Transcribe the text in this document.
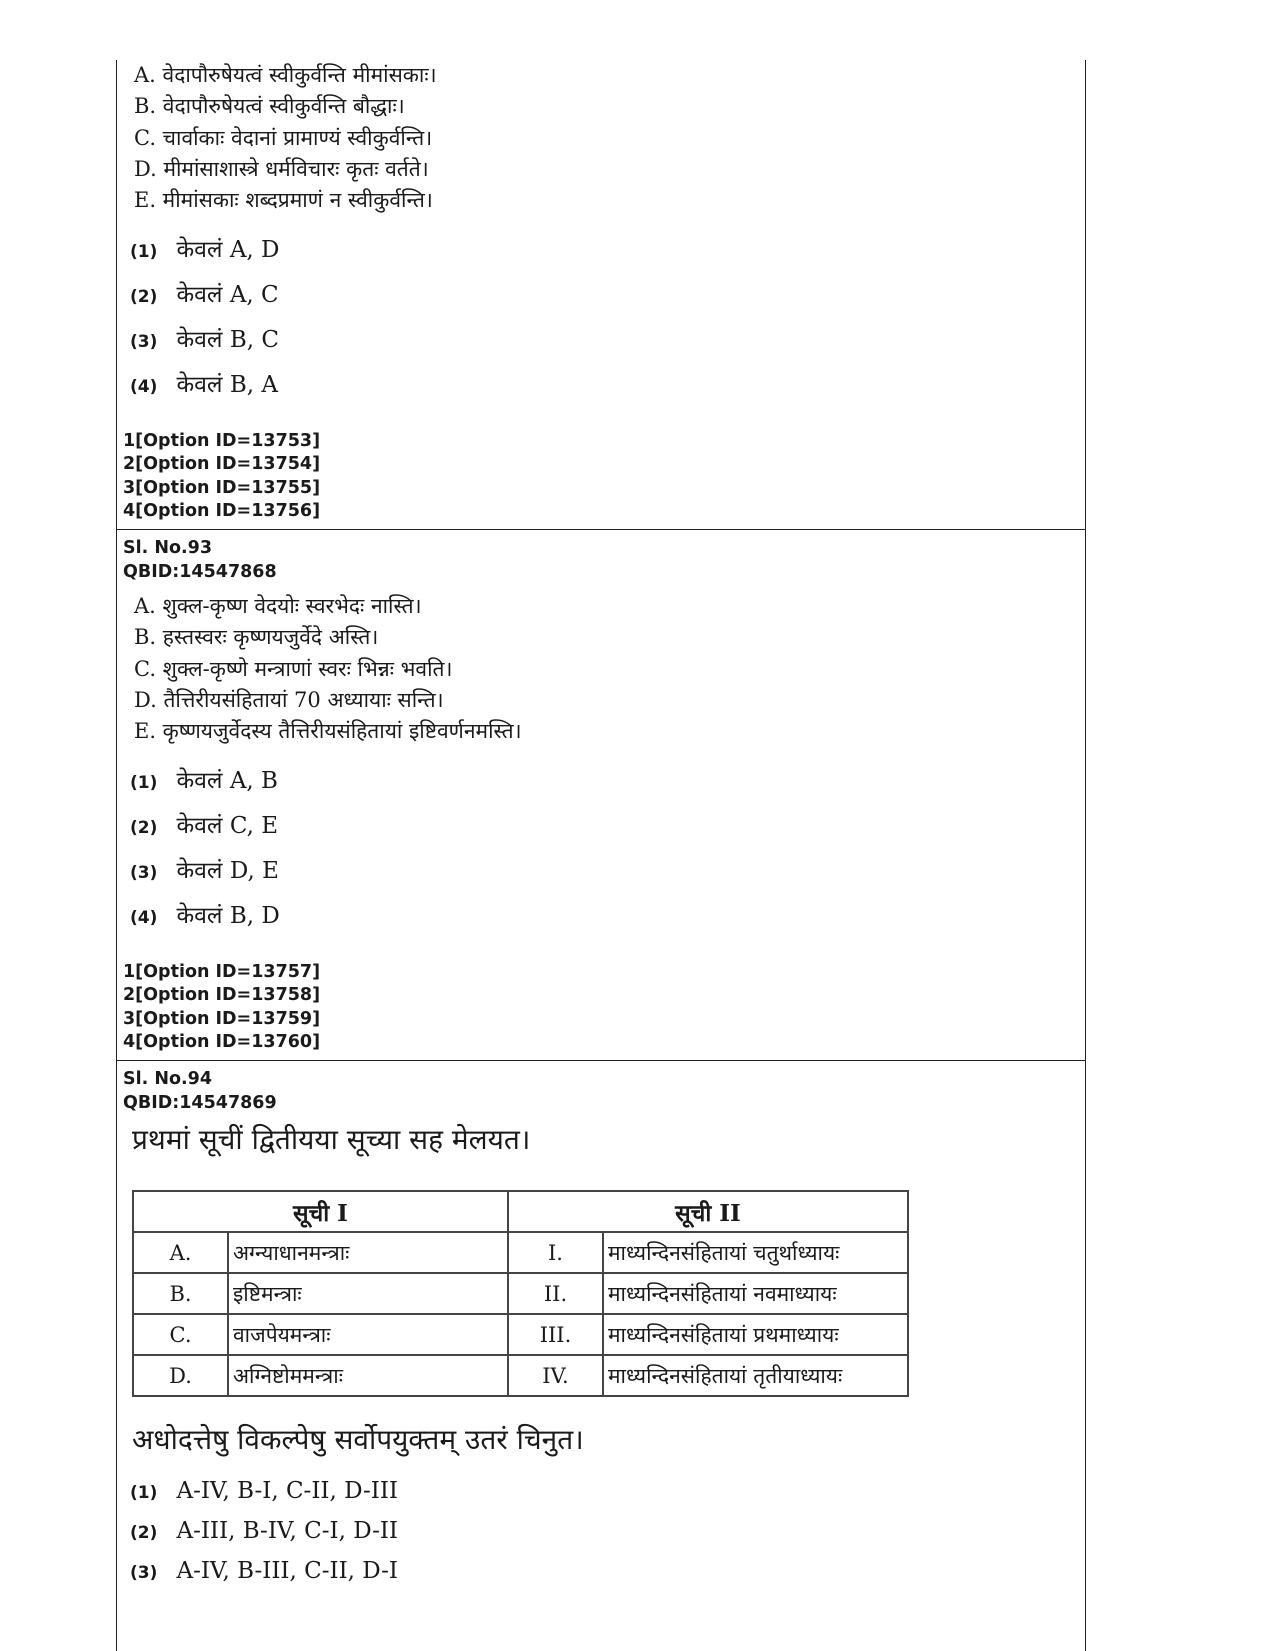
A. वेदापौरुषेयत्वं स्वीकुर्वन्ति मीमांसकाः।
B. वेदापौरुषेयत्वं स्वीकुर्वन्ति बौद्धाः।
C. चार्वाकाः वेदानां प्रामाण्यं स्वीकुर्वन्ति।
D. मीमांसाशास्त्रे धर्मविचारः कृतः वर्तते।
E. मीमांसकाः शब्दप्रमाणं न स्वीकुर्वन्ति।
(1) केवलं A, D
(2) केवलं A, C
(3) केवलं B, C
(4) केवलं B, A
1[Option ID=13753]
2[Option ID=13754]
3[Option ID=13755]
4[Option ID=13756]
Sl. No.93
QBID:14547868
A. शुक्ल-कृष्ण वेदयोः स्वरभेदः नास्ति।
B. हस्तस्वरः कृष्णयजुर्वेदे अस्ति।
C. शुक्ल-कृष्णे मन्त्राणां स्वरः भिन्नः भवति।
D. तैत्तिरीयसंहितायां 70 अध्यायाः सन्ति।
E. कृष्णयजुर्वेदस्य तैत्तिरीयसंहितायां इष्टिवर्णनमस्ति।
(1) केवलं A, B
(2) केवलं C, E
(3) केवलं D, E
(4) केवलं B, D
1[Option ID=13757]
2[Option ID=13758]
3[Option ID=13759]
4[Option ID=13760]
Sl. No.94
QBID:14547869
प्रथमां सूचीं द्वितीयया सूच्या सह मेलयत।
सूची I		सूची II	
A.	अग्न्याधानमन्त्राः	I.	माध्यन्दिनसंहितायां चतुर्थाध्यायः
B.	इष्टिमन्त्राः	II.	माध्यन्दिनसंहितायां नवमाध्यायः
C.	वाजपेयमन्त्राः	III.	माध्यन्दिनसंहितायां प्रथमाध्यायः
D.	अग्निष्टोममन्त्राः	IV.	माध्यन्दिनसंहितायां तृतीयाध्यायः
अधोदत्तेषु विकल्पेषु सर्वोपयुक्तम् उतरं चिनुत।
(1) A-IV, B-I, C-II, D-III
(2) A-III, B-IV, C-I, D-II
(3) A-IV, B-III, C-II, D-I
